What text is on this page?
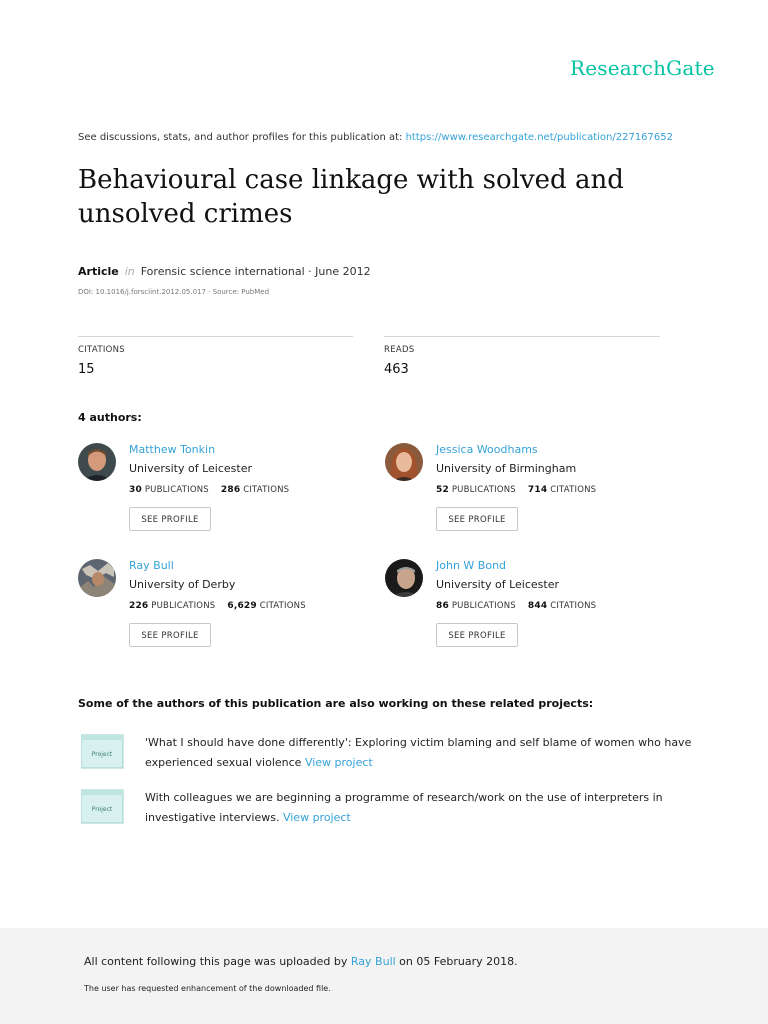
ResearchGate
See discussions, stats, and author profiles for this publication at: https://www.researchgate.net/publication/227167652
Behavioural case linkage with solved and unsolved crimes
Article in Forensic science international · June 2012
DOI: 10.1016/j.forsciint.2012.05.017 · Source: PubMed
CITATIONS
15
READS
463
4 authors:
Matthew Tonkin
University of Leicester
30 PUBLICATIONS 286 CITATIONS
SEE PROFILE
Jessica Woodhams
University of Birmingham
52 PUBLICATIONS 714 CITATIONS
SEE PROFILE
Ray Bull
University of Derby
226 PUBLICATIONS 6,629 CITATIONS
SEE PROFILE
John W Bond
University of Leicester
86 PUBLICATIONS 844 CITATIONS
SEE PROFILE
Some of the authors of this publication are also working on these related projects:
Project
'What I should have done differently': Exploring victim blaming and self blame of women who have experienced sexual violence View project
Project
With colleagues we are beginning a programme of research/work on the use of interpreters in investigative interviews. View project
All content following this page was uploaded by Ray Bull on 05 February 2018.
The user has requested enhancement of the downloaded file.
